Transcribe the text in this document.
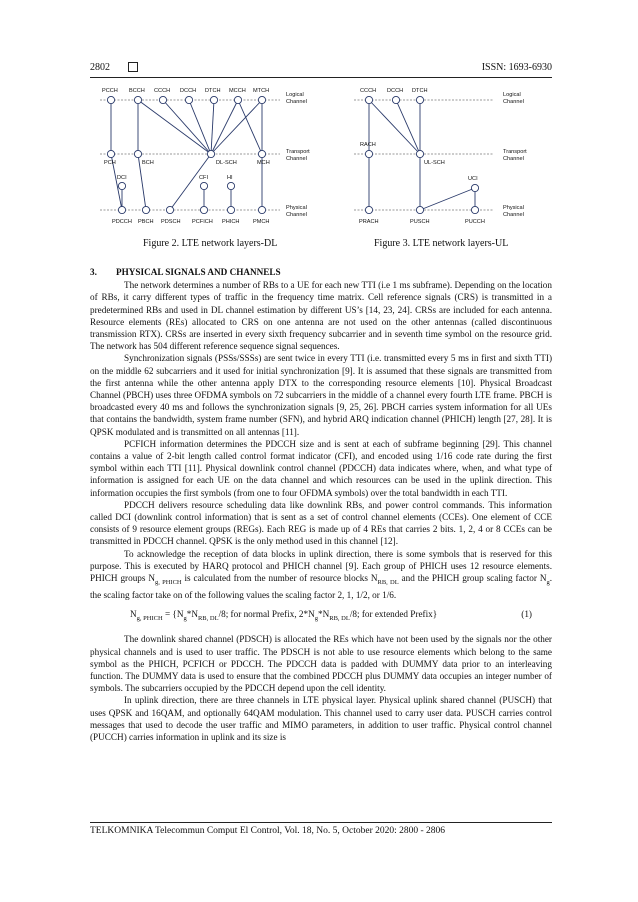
2802	ISSN: 1693-6930
PCCH BCCH CCCH DCCH DTCH MCCH MTCH
PCH	BCH	DL-SCH	MCH
DCI	CFI	HI
PDCCH PBCH PDSCH PCFICH PHICH PMCH
Logical
Channel
Transport
Channel
Physical
Channel
CCCH DCCH DTCH
RACH
UL-SCH
UCI
PRACH	PUSCH	PUCCH
Logical
Channel
Transport
Channel
Physical
Channel
Figure 2. LTE network layers-DL	Figure 3. LTE network layers-UL
3. PHYSICAL SIGNALS AND CHANNELS

The network determines a number of RBs to a UE for each new TTI (i.e 1 ms subframe). Depending on the location of RBs, it carry different types of traffic in the frequency time matrix. Cell reference signals (CRS) is transmitted in a predetermined RBs and used in DL channel estimation by different US’s [14, 23, 24]. CRSs are included for each antenna. Resource elements (REs) allocated to CRS on one antenna are not used on the other antennas (called discontinuous transmission RTX). CRSs are inserted in every sixth frequency subcarrier and in seventh time symbol on the resource grid. The network has 504 different reference sequence signal sequences.

Synchronization signals (PSSs/SSSs) are sent twice in every TTI (i.e. transmitted every 5 ms in first and sixth TTI) on the middle 62 subcarriers and it used for initial synchronization [9]. It is assumed that these signals are transmitted from the first antenna while the other antenna apply DTX to the corresponding resource elements [10]. Physical Broadcast Channel (PBCH) uses three OFDMA symbols on 72 subcarriers in the middle of a channel every fourth LTE frame. PBCH is broadcasted every 40 ms and follows the synchronization signals [9, 25, 26]. PBCH carries system information for all UEs that contains the bandwidth, system frame number (SFN), and hybrid ARQ indication channel (PHICH) length [27, 28]. It is QPSK modulated and is transmitted on all antennas [11].

PCFICH information determines the PDCCH size and is sent at each of subframe beginning [29]. This channel contains a value of 2-bit length called control format indicator (CFI), and encoded using 1/16 code rate during the first symbol within each TTI [11]. Physical downlink control channel (PDCCH) data indicates where, when, and what type of information is assigned for each UE on the data channel and which resources can be used in the uplink direction. This information occupies the first symbols (from one to four OFDMA symbols) over the total bandwidth in each TTI.

PDCCH delivers resource scheduling data like downlink RBs, and power control commands. This information called DCI (downlink control information) that is sent as a set of control channel elements (CCEs). One element of CCE consists of 9 resource element groups (REGs). Each REG is made up of 4 REs that carries 2 bits. 1, 2, 4 or 8 CCEs can be transmitted in PDCCH channel. QPSK is the only method used in this channel [12].

To acknowledge the reception of data blocks in uplink direction, there is some symbols that is reserved for this purpose. This is executed by HARQ protocol and PHICH channel [9]. Each group of PHICH uses 12 resource elements. PHICH groups $N_{g, PHICH}$ is calculated from the number of resource blocks $N_{RB, DL}$ and the PHICH group scaling factor $N_g$. the scaling factor take on of the following values the scaling factor 2, 1, 1/2, or 1/6.

$N_{g, PHICH} = \{N_g*N_{RB, DL}/8$; for normal Prefix, $2*N_g*N_{RB, DL}/8$; for extended Prefix}	(1)

The downlink shared channel (PDSCH) is allocated the REs which have not been used by the signals nor the other physical channels and is used to user traffic. The PDSCH is not able to use resource elements which belong to the same symbol as the PHICH, PCFICH or PDCCH. The PDCCH data is padded with DUMMY data prior to an interleaving function. The DUMMY data is used to ensure that the combined PDCCH plus DUMMY data occupies an integer number of symbols. The subcarriers occupied by the PDCCH depend upon the cell identity.

In uplink direction, there are three channels in LTE physical layer. Physical uplink shared channel (PUSCH) that uses QPSK and 16QAM, and optionally 64QAM modulation. This channel used to carry user data. PUSCH carries control messages that used to decode the user traffic and MIMO parameters, in addition to user traffic. Physical control channel (PUCCH) carries information in uplink and its size is

TELKOMNIKA Telecommun Comput El Control, Vol. 18, No. 5, October 2020: 2800 - 2806
